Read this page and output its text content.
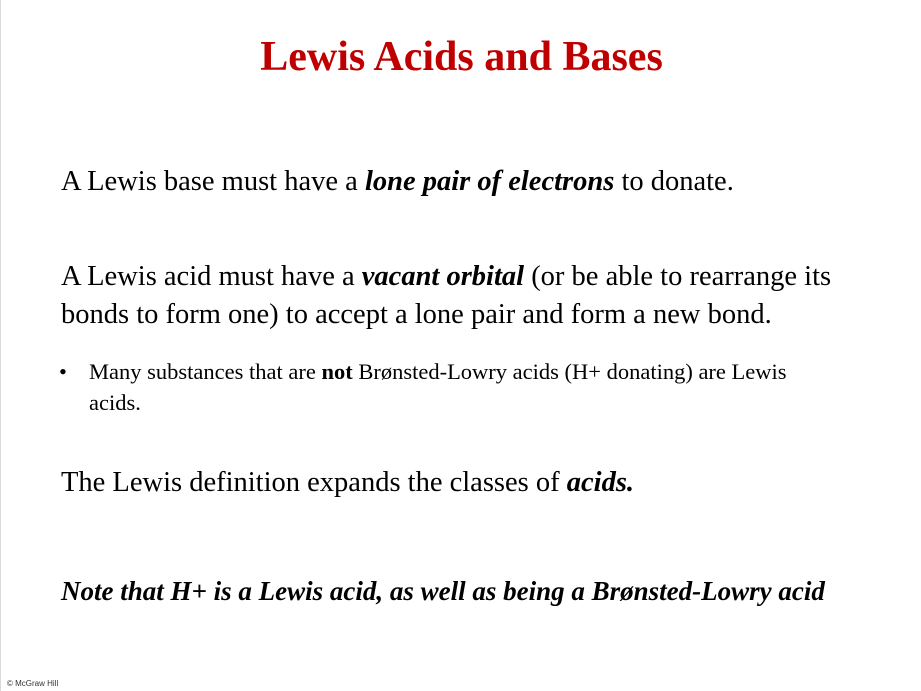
Lewis Acids and Bases
A Lewis base must have a lone pair of electrons to donate.
A Lewis acid must have a vacant orbital (or be able to rearrange its bonds to form one) to accept a lone pair and form a new bond.
• Many substances that are not Brønsted-Lowry acids (H+ donating) are Lewis acids.
The Lewis definition expands the classes of acids.
Note that H+ is a Lewis acid, as well as being a Brønsted-Lowry acid
© McGraw Hill
